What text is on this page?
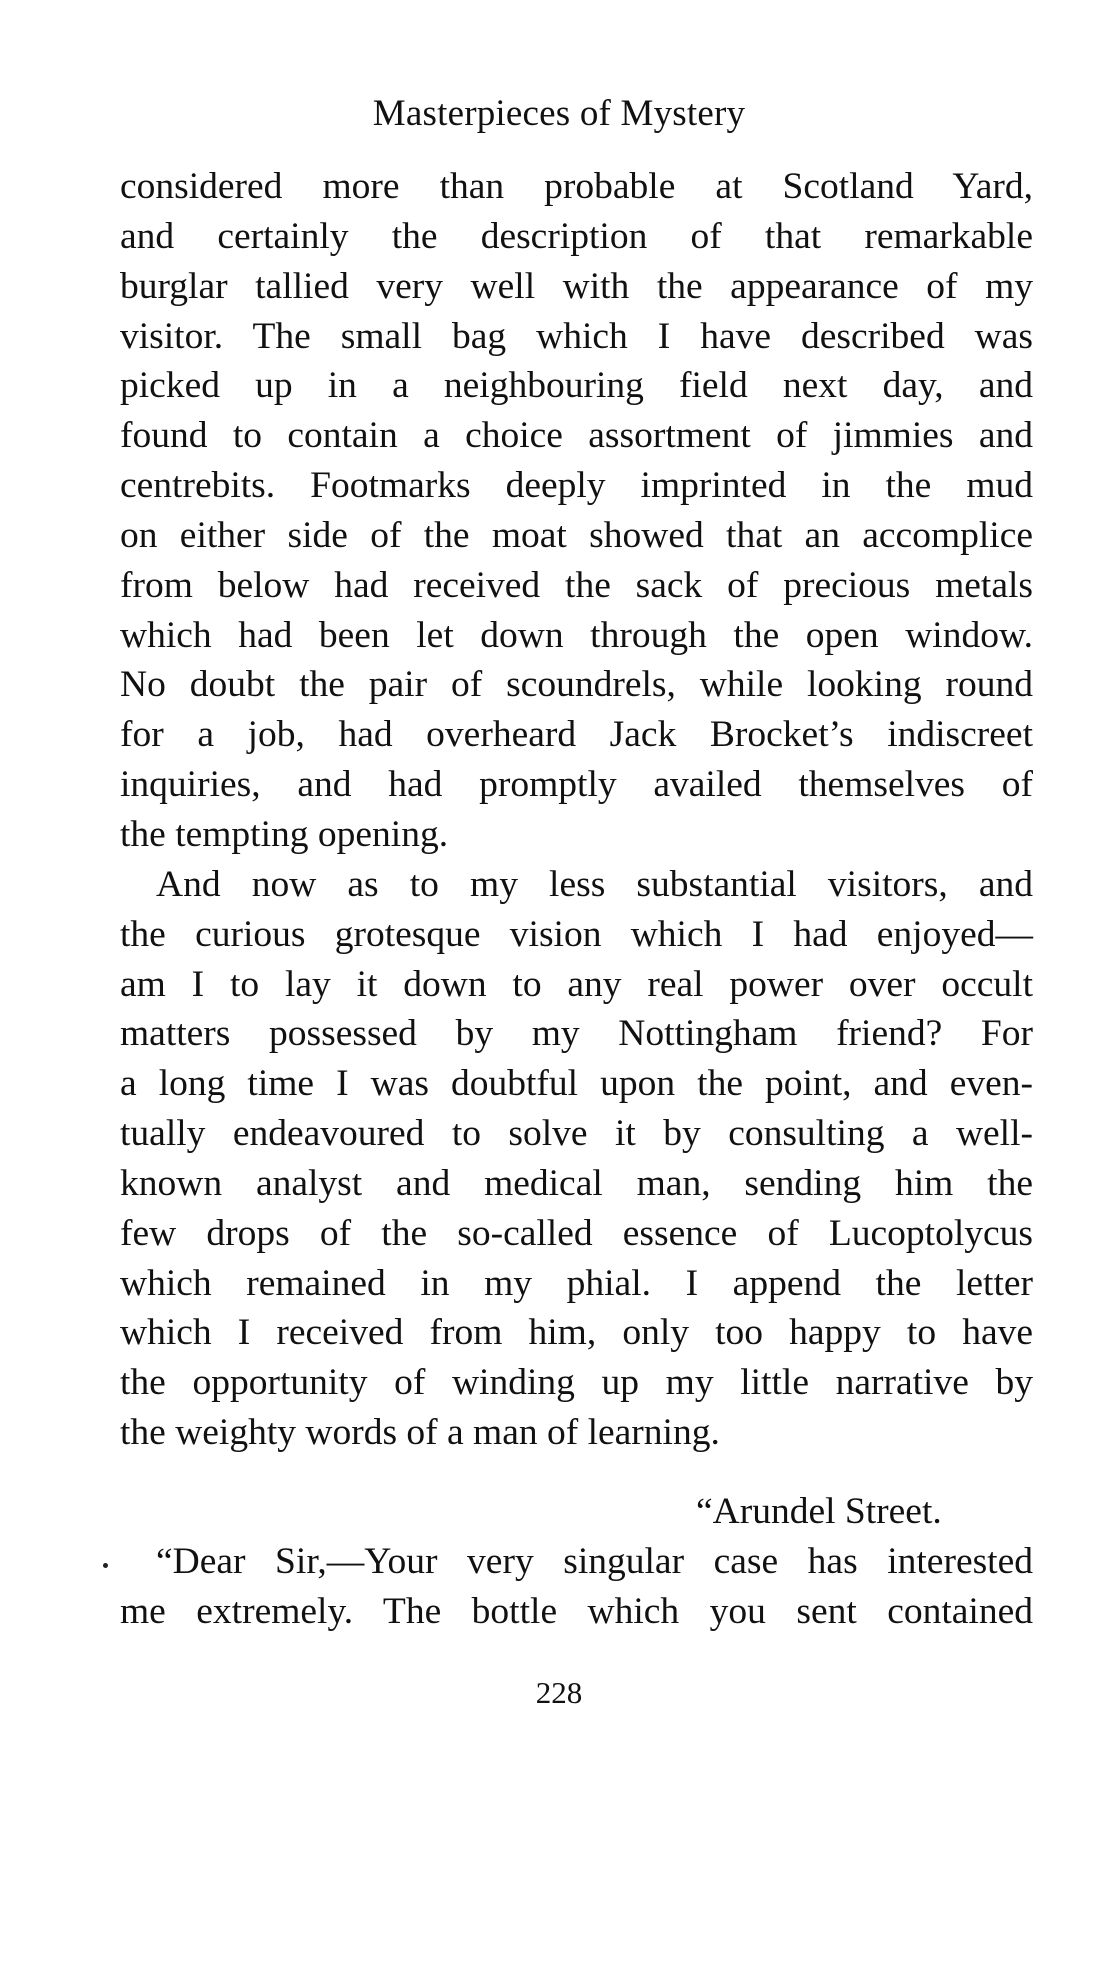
Masterpieces of Mystery
considered more than probable at Scotland Yard,
and certainly the description of that remarkable
burglar tallied very well with the appearance of my
visitor. The small bag which I have described was
picked up in a neighbouring field next day, and
found to contain a choice assortment of jimmies and
centrebits. Footmarks deeply imprinted in the mud
on either side of the moat showed that an accomplice
from below had received the sack of precious metals
which had been let down through the open window.
No doubt the pair of scoundrels, while looking round
for a job, had overheard Jack Brocket’s indiscreet
inquiries, and had promptly availed themselves of
the tempting opening.
And now as to my less substantial visitors, and
the curious grotesque vision which I had enjoyed—
am I to lay it down to any real power over occult
matters possessed by my Nottingham friend? For
a long time I was doubtful upon the point, and even-
tually endeavoured to solve it by consulting a well-
known analyst and medical man, sending him the
few drops of the so-called essence of Lucoptolycus
which remained in my phial. I append the letter
which I received from him, only too happy to have
the opportunity of winding up my little narrative by
the weighty words of a man of learning.
“Arundel Street.
“Dear Sir,—Your very singular case has interested
me extremely. The bottle which you sent contained
228
